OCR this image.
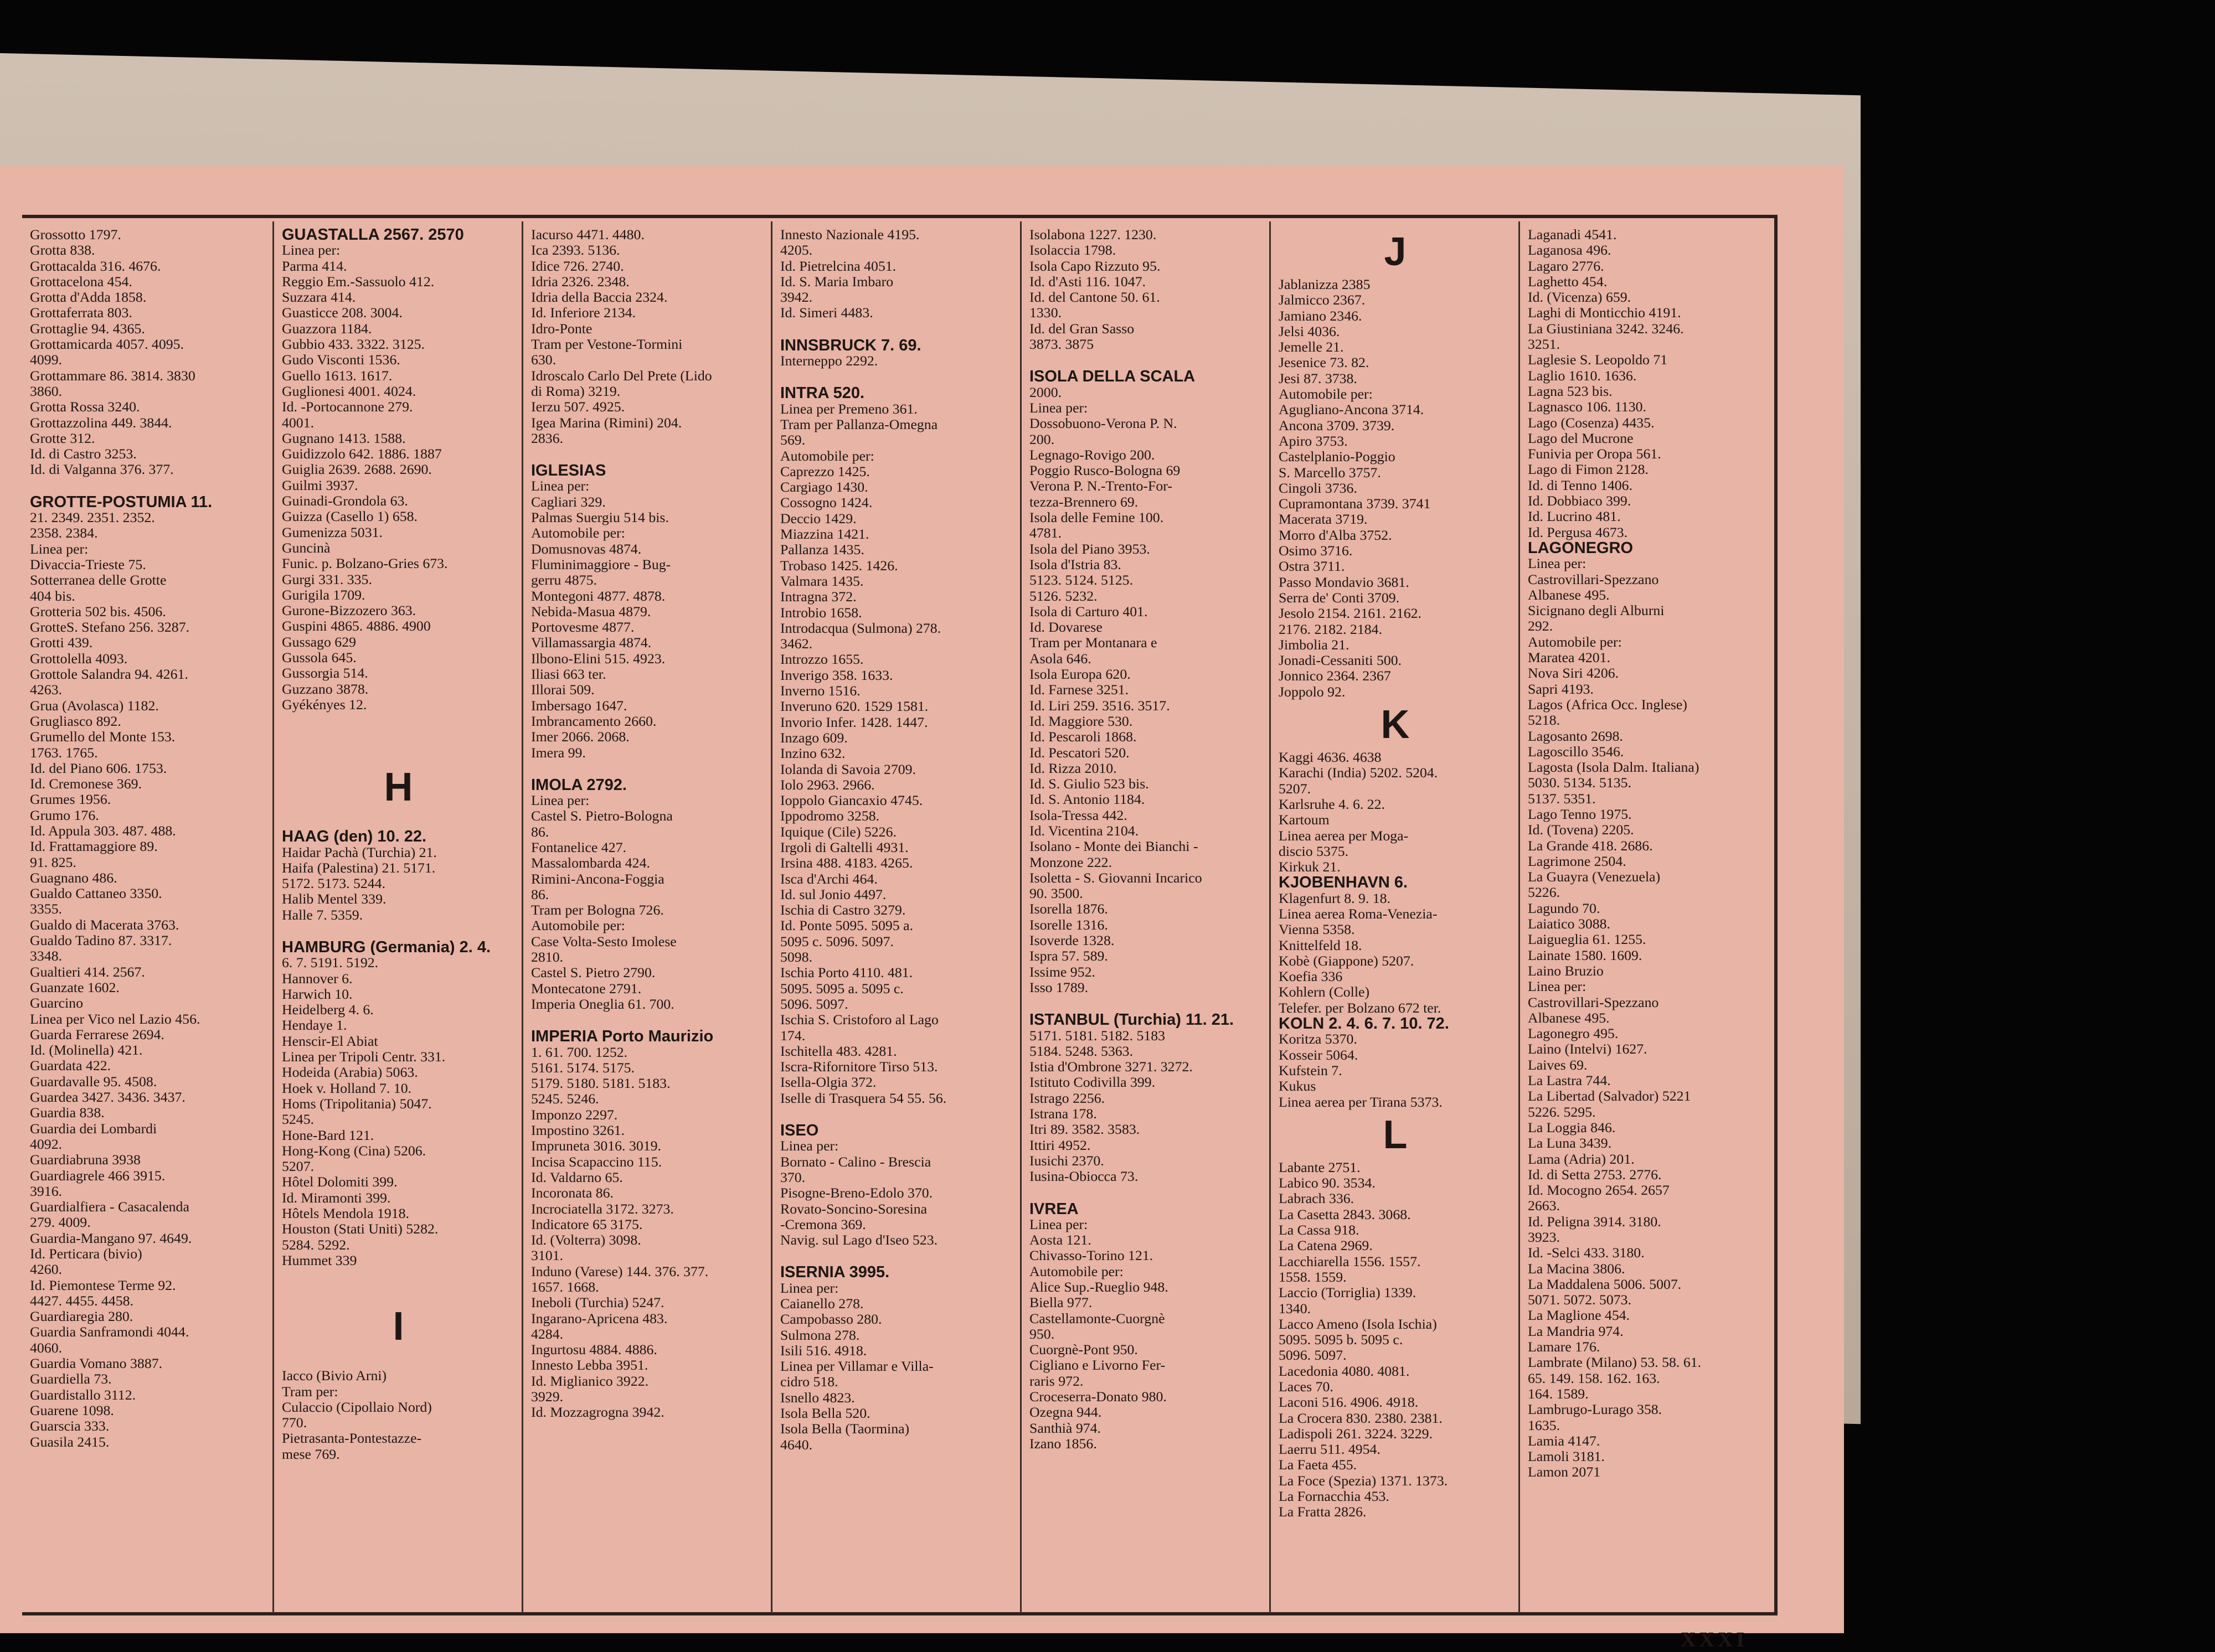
Grossotto 1797.
Grotta 838.
Grottacalda 316. 4676.
Grottacelona 454.
Grotta d'Adda 1858.
Grottaferrata 803.
Grottaglie 94. 4365.
Grottamicarda 4057. 4095.
4099.
Grottammare 86. 3814. 3830
3860.
Grotta Rossa 3240.
Grottazzolina 449. 3844.
Grotte 312.
Id. di Castro 3253.
Id. di Valganna 376. 377.
GROTTE-POSTUMIA 11.
21. 2349. 2351. 2352.
2358. 2384.
Linea per:
Divaccia-Trieste 75.
Sotterranea delle Grotte
404 bis.
Grotteria 502 bis. 4506.
GrotteS. Stefano 256. 3287.
Grotti 439.
Grottolella 4093.
Grottole Salandra 94. 4261.
4263.
Grua (Avolasca) 1182.
Grugliasco 892.
Grumello del Monte 153.
1763. 1765.
Id. del Piano 606. 1753.
Id. Cremonese 369.
Grumes 1956.
Grumo 176.
Id. Appula 303. 487. 488.
Id. Frattamaggiore 89.
91. 825.
Guagnano 486.
Gualdo Cattaneo 3350.
3355.
Gualdo di Macerata 3763.
Gualdo Tadino 87. 3317.
3348.
Gualtieri 414. 2567.
Guanzate 1602.
Guarcino
Linea per Vico nel Lazio 456.
Guarda Ferrarese 2694.
Id. (Molinella) 421.
Guardata 422.
Guardavalle 95. 4508.
Guardea 3427. 3436. 3437.
Guardia 838.
Guardia dei Lombardi
4092.
Guardiabruna 3938
Guardiagrele 466 3915.
3916.
Guardialfiera - Casacalenda
279. 4009.
Guardia-Mangano 97. 4649.
Id. Perticara (bivio)
4260.
Id. Piemontese Terme 92.
4427. 4455. 4458.
Guardiaregia 280.
Guardia Sanframondi 4044.
4060.
Guardia Vomano 3887.
Guardiella 73.
Guardistallo 3112.
Guarene 1098.
Guarscia 333.
Guasila 2415.
GUASTALLA 2567. 2570
Linea per:
Parma 414.
Reggio Em.-Sassuolo 412.
Suzzara 414.
Guasticce 208. 3004.
Guazzora 1184.
Gubbio 433. 3322. 3125.
Gudo Visconti 1536.
Guello 1613. 1617.
Guglionesi 4001. 4024.
Id. -Portocannone 279.
4001.
Gugnano 1413. 1588.
Guidizzolo 642. 1886. 1887
Guiglia 2639. 2688. 2690.
Guilmi 3937.
Guinadi-Grondola 63.
Guizza (Casello 1) 658.
Gumenizza 5031.
Guncinà
Funic. p. Bolzano-Gries 673.
Gurgi 331. 335.
Gurigila 1709.
Gurone-Bizzozero 363.
Guspini 4865. 4886. 4900
Gussago 629
Gussola 645.
Gussorgia 514.
Guzzano 3878.
Gyékényes 12.
H
HAAG (den) 10. 22.
Haidar Pachà (Turchia) 21.
Haifa (Palestina) 21. 5171.
5172. 5173. 5244.
Halib Mentel 339.
Halle 7. 5359.
HAMBURG (Germania) 2. 4.
6. 7. 5191. 5192.
Hannover 6.
Harwich 10.
Heidelberg 4. 6.
Hendaye 1.
Henscir-El Abiat
Linea per Tripoli Centr. 331.
Hodeida (Arabia) 5063.
Hoek v. Holland 7. 10.
Homs (Tripolitania) 5047.
5245.
Hone-Bard 121.
Hong-Kong (Cina) 5206.
5207.
Hôtel Dolomiti 399.
Id. Miramonti 399.
Hôtels Mendola 1918.
Houston (Stati Uniti) 5282.
5284. 5292.
Hummet 339
I
Iacco (Bivio Arni)
Tram per:
Culaccio (Cipollaio Nord)
770.
Pietrasanta-Pontestazze-
mese 769.
Iacurso 4471. 4480.
Ica 2393. 5136.
Idice 726. 2740.
Idria 2326. 2348.
Idria della Baccia 2324.
Id. Inferiore 2134.
Idro-Ponte
Tram per Vestone-Tormini
630.
Idroscalo Carlo Del Prete (Lido
di Roma) 3219.
Ierzu 507. 4925.
Igea Marina (Rimini) 204.
2836.
IGLESIAS
Linea per:
Cagliari 329.
Palmas Suergiu 514 bis.
Automobile per:
Domusnovas 4874.
Fluminimaggiore - Bug-
gerru 4875.
Montegoni 4877. 4878.
Nebida-Masua 4879.
Portovesme 4877.
Villamassargia 4874.
Ilbono-Elini 515. 4923.
Iliasi 663 ter.
Illorai 509.
Imbersago 1647.
Imbrancamento 2660.
Imer 2066. 2068.
Imera 99.
IMOLA 2792.
Linea per:
Castel S. Pietro-Bologna
86.
Fontanelice 427.
Massalombarda 424.
Rimini-Ancona-Foggia
86.
Tram per Bologna 726.
Automobile per:
Case Volta-Sesto Imolese
2810.
Castel S. Pietro 2790.
Montecatone 2791.
Imperia Oneglia 61. 700.
IMPERIA Porto Maurizio
1. 61. 700. 1252.
5161. 5174. 5175.
5179. 5180. 5181. 5183.
5245. 5246.
Imponzo 2297.
Impostino 3261.
Impruneta 3016. 3019.
Incisa Scapaccino 115.
Id. Valdarno 65.
Incoronata 86.
Incrociatella 3172. 3273.
Indicatore 65 3175.
Id. (Volterra) 3098.
3101.
Induno (Varese) 144. 376. 377.
1657. 1668.
Ineboli (Turchia) 5247.
Ingarano-Apricena 483.
4284.
Ingurtosu 4884. 4886.
Innesto Lebba 3951.
Id. Miglianico 3922.
3929.
Id. Mozzagrogna 3942.
Innesto Nazionale 4195.
4205.
Id. Pietrelcina 4051.
Id. S. Maria Imbaro
3942.
Id. Simeri 4483.
INNSBRUCK 7. 69.
Interneppo 2292.
INTRA 520.
Linea per Premeno 361.
Tram per Pallanza-Omegna
569.
Automobile per:
Caprezzo 1425.
Cargiago 1430.
Cossogno 1424.
Deccio 1429.
Miazzina 1421.
Pallanza 1435.
Trobaso 1425. 1426.
Valmara 1435.
Intragna 372.
Introbio 1658.
Introdacqua (Sulmona) 278.
3462.
Introzzo 1655.
Inverigo 358. 1633.
Inverno 1516.
Inveruno 620. 1529 1581.
Invorio Infer. 1428. 1447.
Inzago 609.
Inzino 632.
Iolanda di Savoia 2709.
Iolo 2963. 2966.
Ioppolo Giancaxio 4745.
Ippodromo 3258.
Iquique (Cile) 5226.
Irgoli di Galtelli 4931.
Irsina 488. 4183. 4265.
Isca d'Archi 464.
Id. sul Jonio 4497.
Ischia di Castro 3279.
Id. Ponte 5095. 5095 a.
5095 c. 5096. 5097.
5098.
Ischia Porto 4110. 481.
5095. 5095 a. 5095 c.
5096. 5097.
Ischia S. Cristoforo al Lago
174.
Ischitella 483. 4281.
Iscra-Rifornitore Tirso 513.
Isella-Olgia 372.
Iselle di Trasquera 54 55. 56.
ISEO
Linea per:
Bornato - Calino - Brescia
370.
Pisogne-Breno-Edolo 370.
Rovato-Soncino-Soresina
-Cremona 369.
Navig. sul Lago d'Iseo 523.
ISERNIA 3995.
Linea per:
Caianello 278.
Campobasso 280.
Sulmona 278.
Isili 516. 4918.
Linea per Villamar e Villa-
cidro 518.
Isnello 4823.
Isola Bella 520.
Isola Bella (Taormina)
4640.
Isolabona 1227. 1230.
Isolaccia 1798.
Isola Capo Rizzuto 95.
Id. d'Asti 116. 1047.
Id. del Cantone 50. 61.
1330.
Id. del Gran Sasso
3873. 3875
ISOLA DELLA SCALA
2000.
Linea per:
Dossobuono-Verona P. N.
200.
Legnago-Rovigo 200.
Poggio Rusco-Bologna 69
Verona P. N.-Trento-For-
tezza-Brennero 69.
Isola delle Femine 100.
4781.
Isola del Piano 3953.
Isola d'Istria 83.
5123. 5124. 5125.
5126. 5232.
Isola di Carturo 401.
Id. Dovarese
Tram per Montanara e
Asola 646.
Isola Europa 620.
Id. Farnese 3251.
Id. Liri 259. 3516. 3517.
Id. Maggiore 530.
Id. Pescaroli 1868.
Id. Pescatori 520.
Id. Rizza 2010.
Id. S. Giulio 523 bis.
Id. S. Antonio 1184.
Isola-Tressa 442.
Id. Vicentina 2104.
Isolano - Monte dei Bianchi -
Monzone 222.
Isoletta - S. Giovanni Incarico
90. 3500.
Isorella 1876.
Isorelle 1316.
Isoverde 1328.
Ispra 57. 589.
Issime 952.
Isso 1789.
ISTANBUL (Turchia) 11. 21.
5171. 5181. 5182. 5183
5184. 5248. 5363.
Istia d'Ombrone 3271. 3272.
Istituto Codivilla 399.
Istrago 2256.
Istrana 178.
Itri 89. 3582. 3583.
Ittiri 4952.
Iusichi 2370.
Iusina-Obiocca 73.
IVREA
Linea per:
Aosta 121.
Chivasso-Torino 121.
Automobile per:
Alice Sup.-Rueglio 948.
Biella 977.
Castellamonte-Cuorgnè
950.
Cuorgnè-Pont 950.
Cigliano e Livorno Fer-
raris 972.
Croceserra-Donato 980.
Ozegna 944.
Santhià 974.
Izano 1856.
J
Jablanizza 2385
Jalmicco 2367.
Jamiano 2346.
Jelsi 4036.
Jemelle 21.
Jesenice 73. 82.
Jesi 87. 3738.
Automobile per:
Agugliano-Ancona 3714.
Ancona 3709. 3739.
Apiro 3753.
Castelplanio-Poggio
S. Marcello 3757.
Cingoli 3736.
Cupramontana 3739. 3741
Macerata 3719.
Morro d'Alba 3752.
Osimo 3716.
Ostra 3711.
Passo Mondavio 3681.
Serra de' Conti 3709.
Jesolo 2154. 2161. 2162.
2176. 2182. 2184.
Jimbolia 21.
Jonadi-Cessaniti 500.
Jonnico 2364. 2367
Joppolo 92.
K
Kaggi 4636. 4638
Karachi (India) 5202. 5204.
5207.
Karlsruhe 4. 6. 22.
Kartoum
Linea aerea per Moga-
discio 5375.
Kirkuk 21.
KJOBENHAVN 6.
Klagenfurt 8. 9. 18.
Linea aerea Roma-Venezia-
Vienna 5358.
Knittelfeld 18.
Kobè (Giappone) 5207.
Koefia 336
Kohlern (Colle)
Telefer. per Bolzano 672 ter.
KOLN 2. 4. 6. 7. 10. 72.
Koritza 5370.
Kosseir 5064.
Kufstein 7.
Kukus
Linea aerea per Tirana 5373.
L
Labante 2751.
Labico 90. 3534.
Labrach 336.
La Casetta 2843. 3068.
La Cassa 918.
La Catena 2969.
Lacchiarella 1556. 1557.
1558. 1559.
Laccio (Torriglia) 1339.
1340.
Lacco Ameno (Isola Ischia)
5095. 5095 b. 5095 c.
5096. 5097.
Lacedonia 4080. 4081.
Laces 70.
Laconi 516. 4906. 4918.
La Crocera 830. 2380. 2381.
Ladispoli 261. 3224. 3229.
Laerru 511. 4954.
La Faeta 455.
La Foce (Spezia) 1371. 1373.
La Fornacchia 453.
La Fratta 2826.
Laganadi 4541.
Laganosa 496.
Lagaro 2776.
Laghetto 454.
Id. (Vicenza) 659.
Laghi di Monticchio 4191.
La Giustiniana 3242. 3246.
3251.
Laglesie S. Leopoldo 71
Laglio 1610. 1636.
Lagna 523 bis.
Lagnasco 106. 1130.
Lago (Cosenza) 4435.
Lago del Mucrone
Funivia per Oropa 561.
Lago di Fimon 2128.
Id. di Tenno 1406.
Id. Dobbiaco 399.
Id. Lucrino 481.
Id. Pergusa 4673.
LAGONEGRO
Linea per:
Castrovillari-Spezzano
Albanese 495.
Sicignano degli Alburni
292.
Automobile per:
Maratea 4201.
Nova Siri 4206.
Sapri 4193.
Lagos (Africa Occ. Inglese)
5218.
Lagosanto 2698.
Lagoscillo 3546.
Lagosta (Isola Dalm. Italiana)
5030. 5134. 5135.
5137. 5351.
Lago Tenno 1975.
Id. (Tovena) 2205.
La Grande 418. 2686.
Lagrimone 2504.
La Guayra (Venezuela)
5226.
Lagundo 70.
Laiatico 3088.
Laigueglia 61. 1255.
Lainate 1580. 1609.
Laino Bruzio
Linea per:
Castrovillari-Spezzano
Albanese 495.
Lagonegro 495.
Laino (Intelvi) 1627.
Laives 69.
La Lastra 744.
La Libertad (Salvador) 5221
5226. 5295.
La Loggia 846.
La Luna 3439.
Lama (Adria) 201.
Id. di Setta 2753. 2776.
Id. Mocogno 2654. 2657
2663.
Id. Peligna 3914. 3180.
3923.
Id. -Selci 433. 3180.
La Macina 3806.
La Maddalena 5006. 5007.
5071. 5072. 5073.
La Maglione 454.
La Mandria 974.
Lamare 176.
Lambrate (Milano) 53. 58. 61.
65. 149. 158. 162. 163.
164. 1589.
Lambrugo-Lurago 358.
1635.
Lamia 4147.
Lamoli 3181.
Lamon 2071
XXXI
